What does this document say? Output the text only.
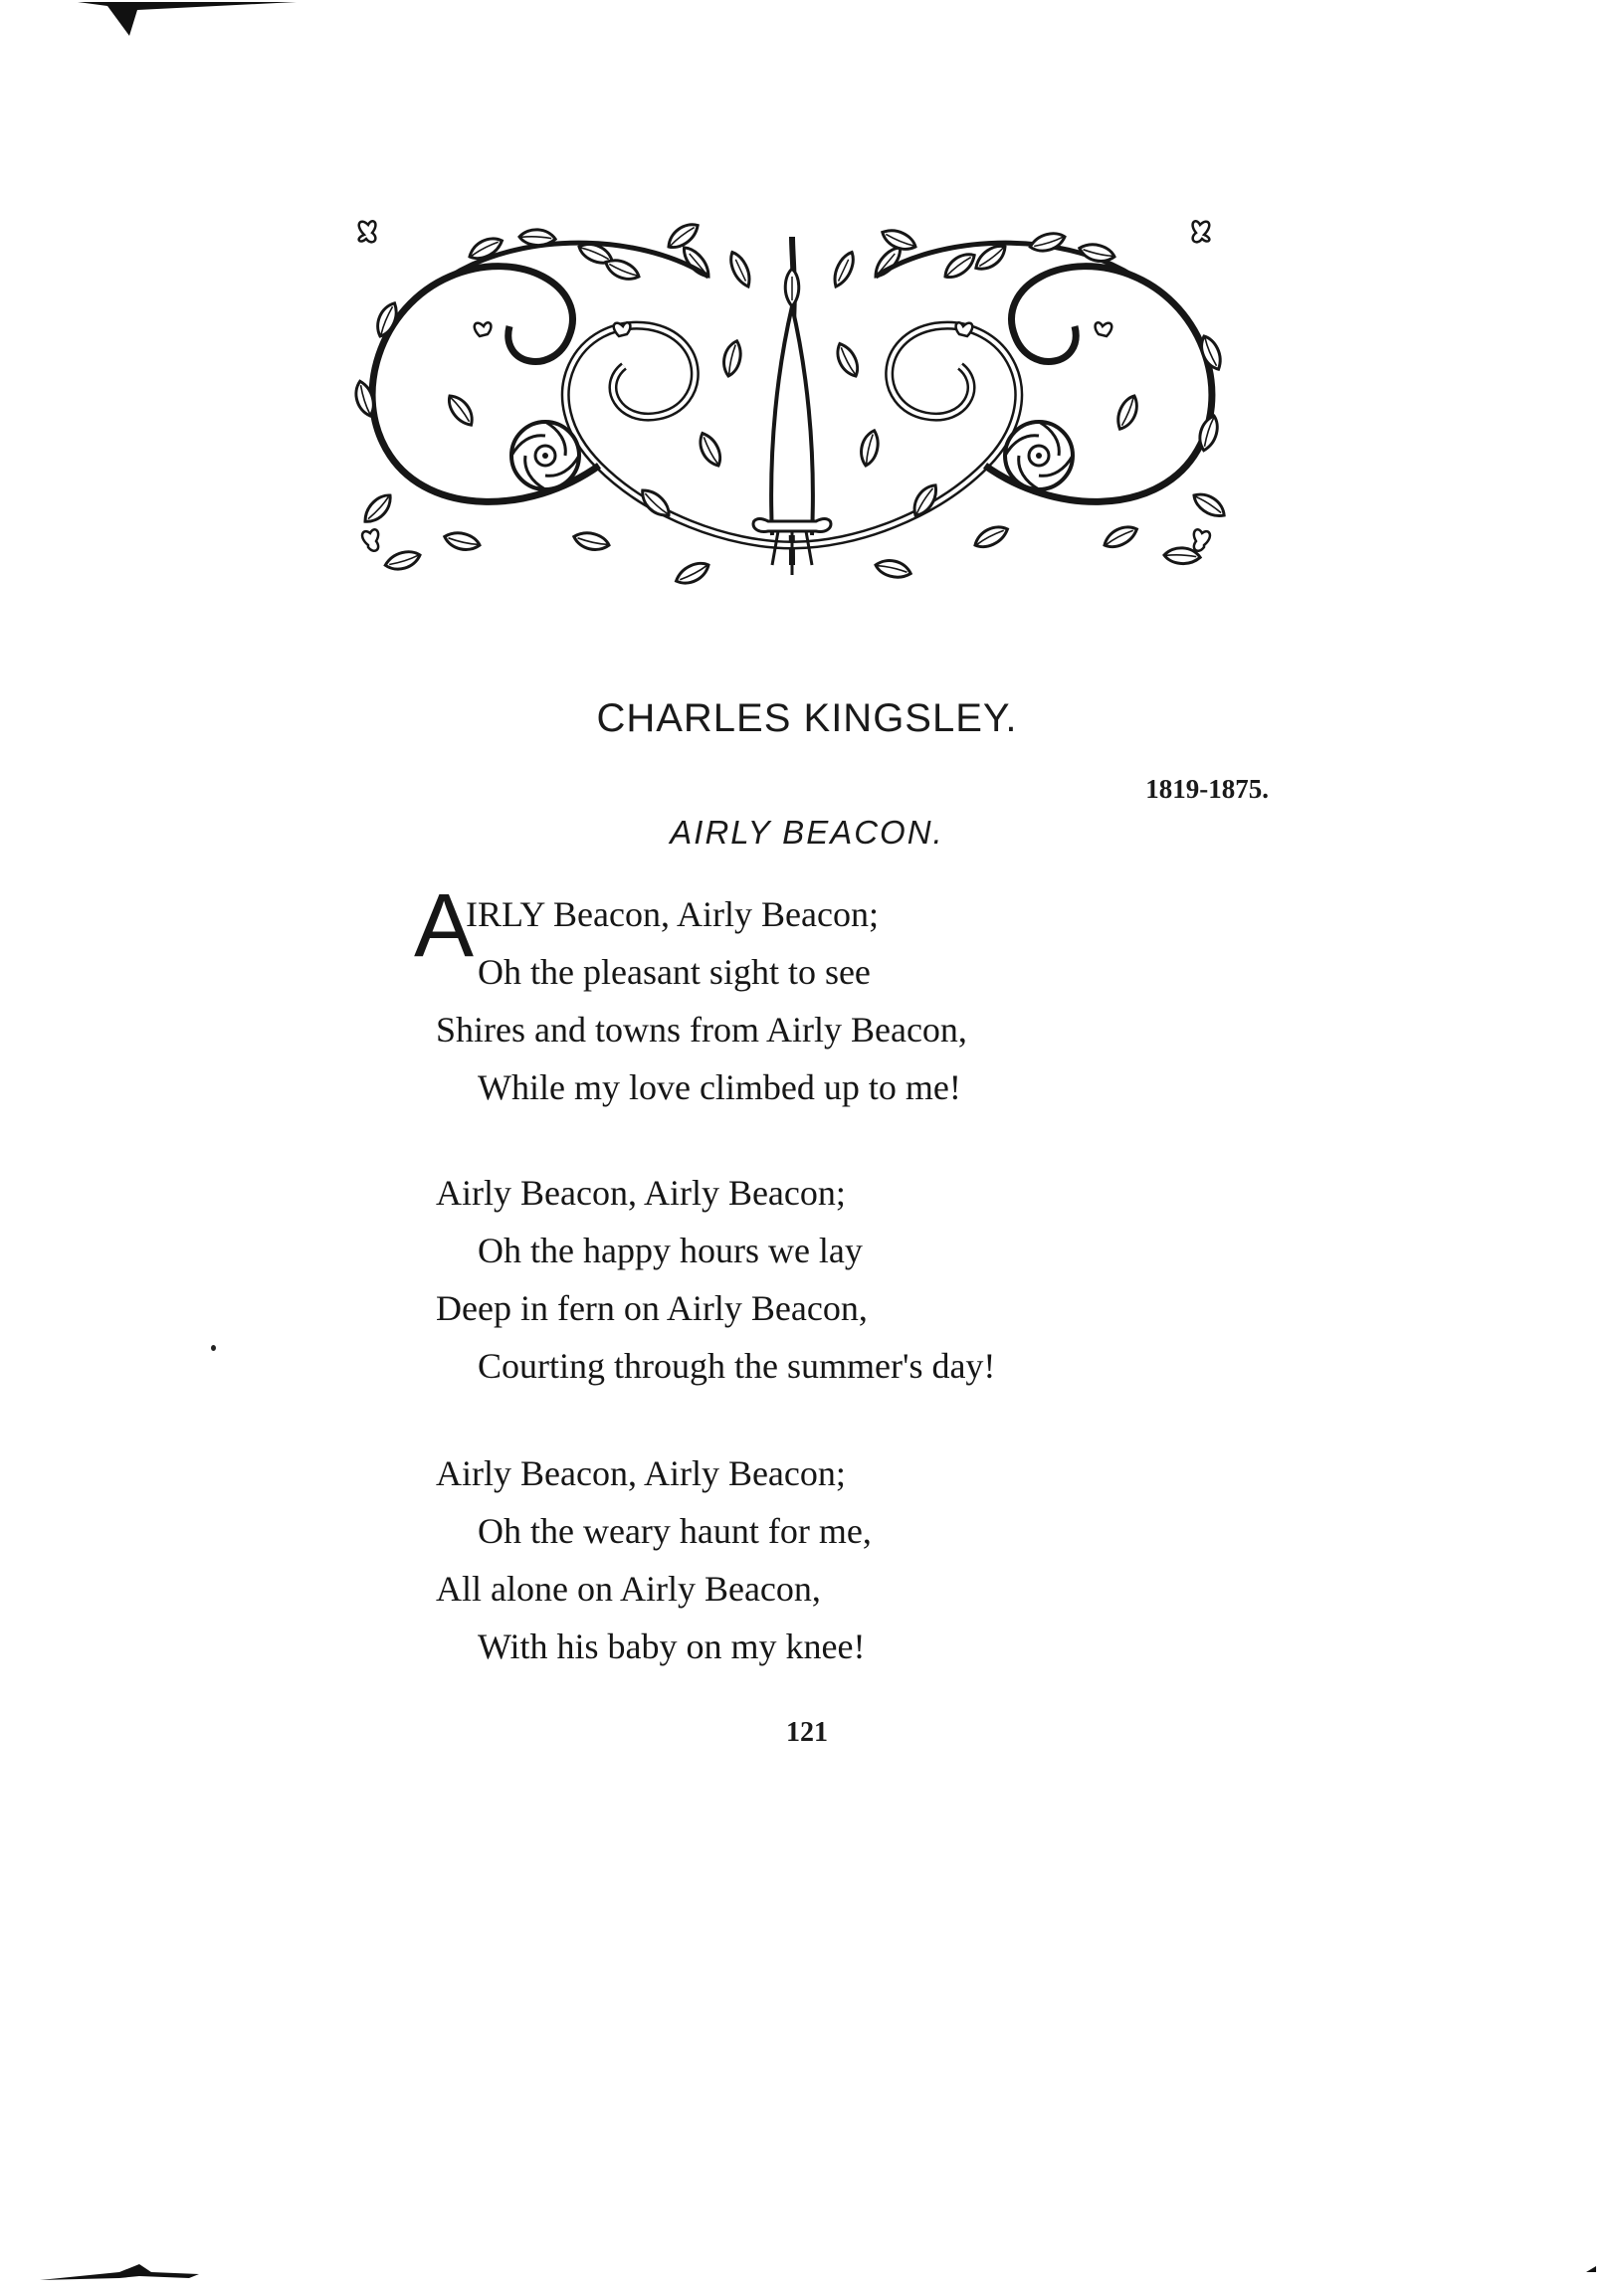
CHARLES KINGSLEY.
1819-1875.
AIRLY BEACON.
A
IRLY Beacon, Airly Beacon;
Oh the pleasant sight to see
Shires and towns from Airly Beacon,
While my love climbed up to me!
Airly Beacon, Airly Beacon;
Oh the happy hours we lay
Deep in fern on Airly Beacon,
Courting through the summer's day!
Airly Beacon, Airly Beacon;
Oh the weary haunt for me,
All alone on Airly Beacon,
With his baby on my knee!
121
